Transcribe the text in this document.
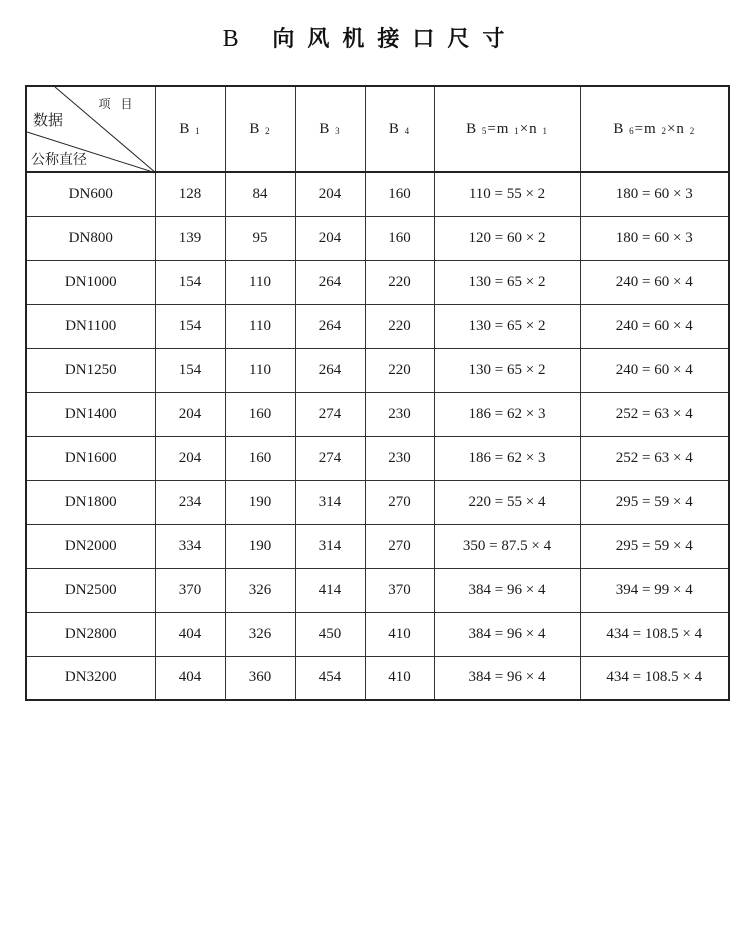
B 向风机接口尺寸
项目
数据
公称直径	B $_1$	B $_2$	B $_3$	B $_4$	B $_5$=m $_1$×n $_1$	B $_6$=m $_2$×n $_2$
DN600	128	84	204	160	110 = 55 × 2	180 = 60 × 3
DN800	139	95	204	160	120 = 60 × 2	180 = 60 × 3
DN1000	154	110	264	220	130 = 65 × 2	240 = 60 × 4
DN1100	154	110	264	220	130 = 65 × 2	240 = 60 × 4
DN1250	154	110	264	220	130 = 65 × 2	240 = 60 × 4
DN1400	204	160	274	230	186 = 62 × 3	252 = 63 × 4
DN1600	204	160	274	230	186 = 62 × 3	252 = 63 × 4
DN1800	234	190	314	270	220 = 55 × 4	295 = 59 × 4
DN2000	334	190	314	270	350 = 87.5 × 4	295 = 59 × 4
DN2500	370	326	414	370	384 = 96 × 4	394 = 99 × 4
DN2800	404	326	450	410	384 = 96 × 4	434 = 108.5 × 4
DN3200	404	360	454	410	384 = 96 × 4	434 = 108.5 × 4
